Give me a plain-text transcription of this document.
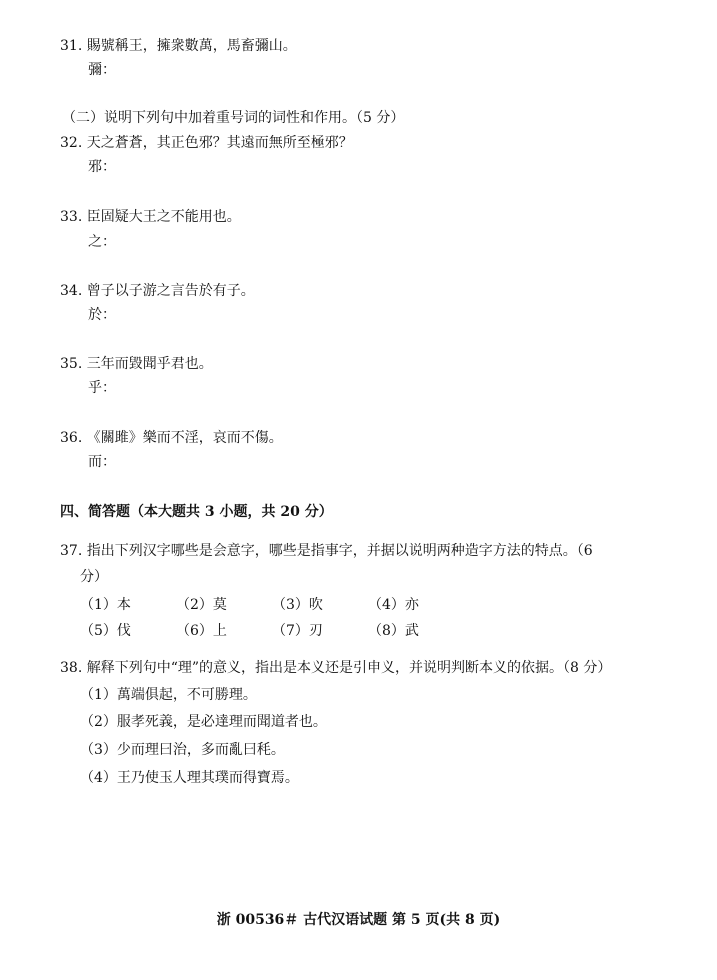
31. 賜號稱王，擁衆數萬，馬畜彌山。
彌：
（二）说明下列句中加着重号词的词性和作用。（5 分）
32. 天之蒼蒼，其正色邪？其遠而無所至極邪？
邪：
33. 臣固疑大王之不能用也。
之：
34. 曾子以子游之言告於有子。
於：
35. 三年而毀聞乎君也。
乎：
36. 《關雎》樂而不淫，哀而不傷。
而：
四、简答题（本大题共 3 小题，共 20 分）
37. 指出下列汉字哪些是会意字，哪些是指事字，并据以说明两种造字方法的特点。（6
分）
（1）本	（2）莫	（3）吹	（4）亦
（5）伐	（6）上	（7）刃	（8）武
38. 解释下列句中“理”的意义，指出是本义还是引申义，并说明判断本义的依据。（8 分）
（1）萬端俱起，不可勝理。
（2）服孝死義，是必達理而聞道者也。
（3）少而理曰治，多而亂曰秏。
（4）王乃使玉人理其璞而得寶焉。
浙 00536＃ 古代汉语试题 第 5 页(共 8 页)
